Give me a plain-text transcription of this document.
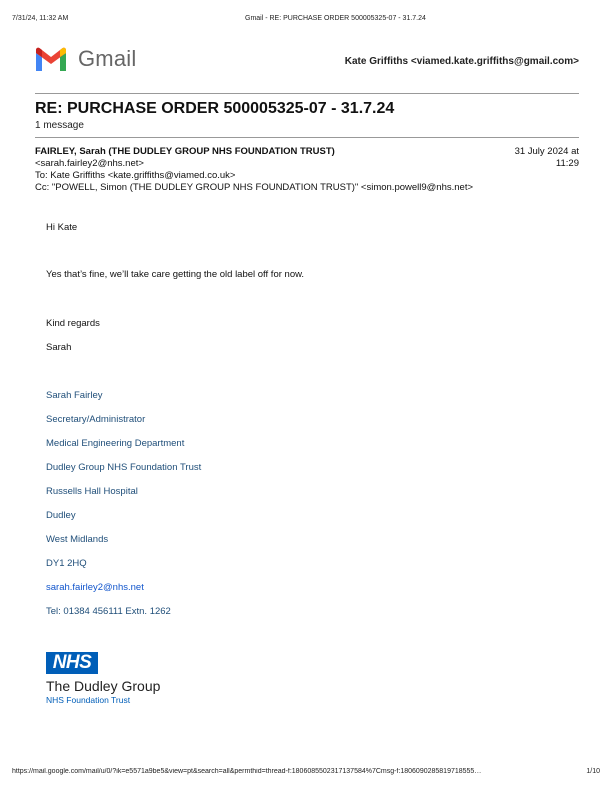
7/31/24, 11:32 AM	Gmail - RE: PURCHASE ORDER 500005325-07 - 31.7.24
Gmail	Kate Griffiths <viamed.kate.griffiths@gmail.com>
RE: PURCHASE ORDER 500005325-07 - 31.7.24
1 message
FAIRLEY, Sarah (THE DUDLEY GROUP NHS FOUNDATION TRUST)
<sarah.fairley2@nhs.net>
31 July 2024 at
11:29
To: Kate Griffiths <kate.griffiths@viamed.co.uk>
Cc: "POWELL, Simon (THE DUDLEY GROUP NHS FOUNDATION TRUST)" <simon.powell9@nhs.net>
Hi Kate
Yes that’s fine, we’ll take care getting the old label off for now.
Kind regards
Sarah
Sarah Fairley
Secretary/Administrator
Medical Engineering Department
Dudley Group NHS Foundation Trust
Russells Hall Hospital
Dudley
West Midlands
DY1 2HQ
sarah.fairley2@nhs.net
Tel: 01384 456111 Extn. 1262
NHS
The Dudley Group
NHS Foundation Trust
https://mail.google.com/mail/u/0/?ik=e5571a9be5&view=pt&search=all&permthid=thread-f:1806085502317137584%7Cmsg-f:1806090285819718555…	1/10
